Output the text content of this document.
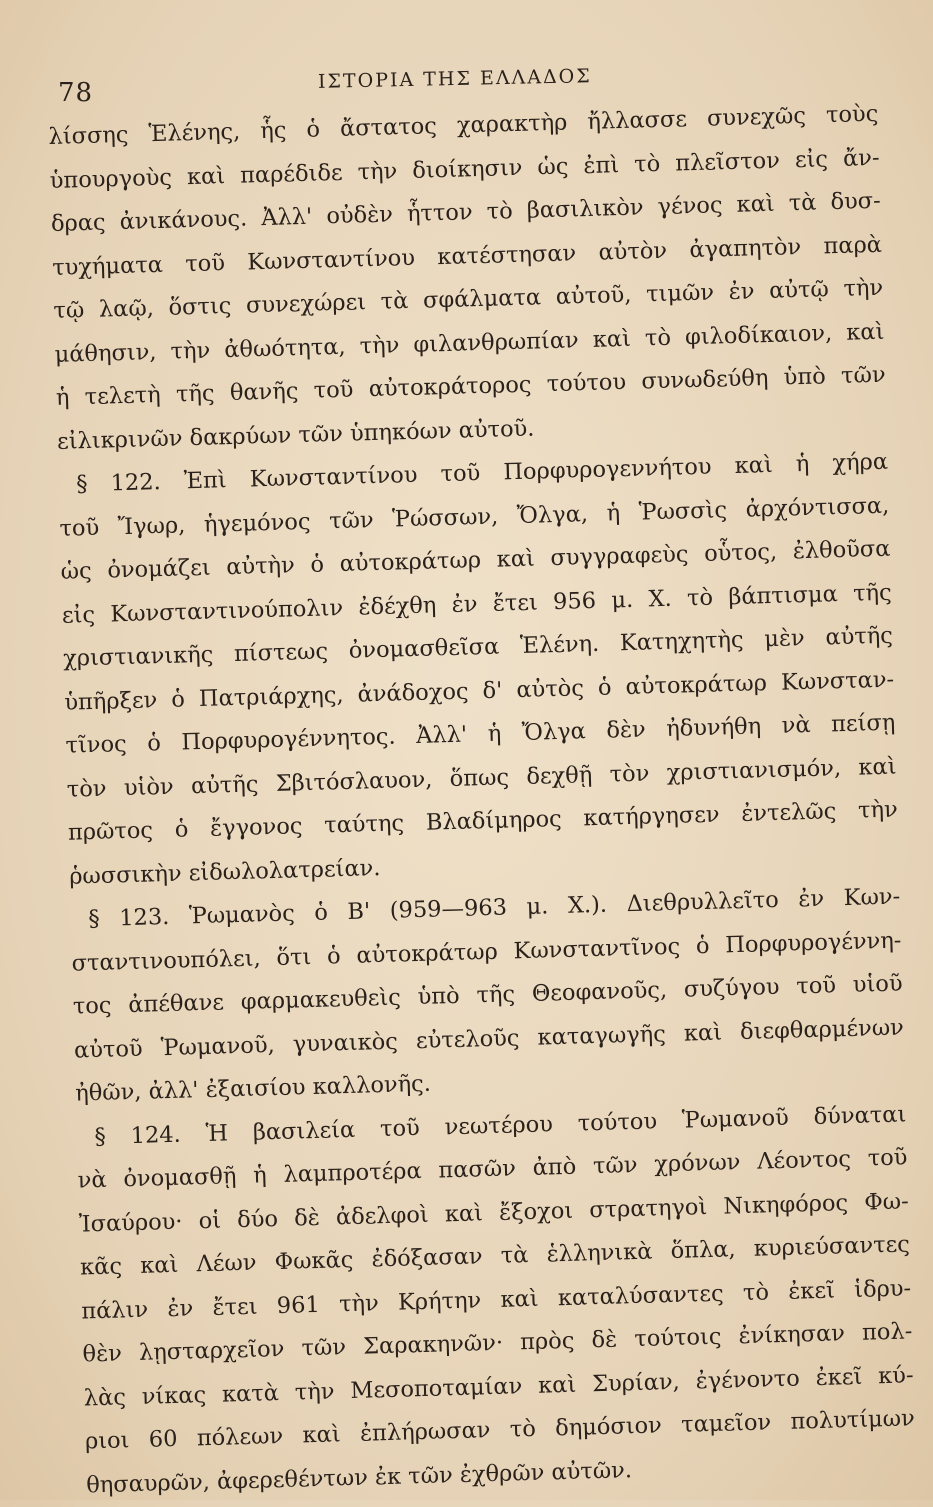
78	ΙΣΤΟΡΙΑ ΤΗΣ ΕΛΛΑΔΟΣ
λίσσης Ἑλένης, ἧς ὁ ἄστατος χαρακτὴρ ἤλλασσε συνεχῶς τοὺς
ὑπουργοὺς καὶ παρέδιδε τὴν διοίκησιν ὡς ἐπὶ τὸ πλεῖστον εἰς ἄν-
δρας ἀνικάνους. Ἀλλ' οὐδὲν ἧττον τὸ βασιλικὸν γένος καὶ τὰ δυσ-
τυχήματα τοῦ Κωνσταντίνου κατέστησαν αὐτὸν ἀγαπητὸν παρὰ
τῷ λαῷ, ὅστις συνεχώρει τὰ σφάλματα αὐτοῦ, τιμῶν ἐν αὐτῷ τὴν
μάθησιν, τὴν ἀθωότητα, τὴν φιλανθρωπίαν καὶ τὸ φιλοδίκαιον, καὶ
ἡ τελετὴ τῆς θανῆς τοῦ αὐτοκράτορος τούτου συνωδεύθη ὑπὸ τῶν
εἰλικρινῶν δακρύων τῶν ὑπηκόων αὐτοῦ.
§ 122. Ἐπὶ Κωνσταντίνου τοῦ Πορφυρογεννήτου καὶ ἡ χήρα
τοῦ Ἴγωρ, ἡγεμόνος τῶν Ῥώσσων, Ὄλγα, ἡ Ῥωσσὶς ἀρχόντισσα,
ὡς ὀνομάζει αὐτὴν ὁ αὐτοκράτωρ καὶ συγγραφεὺς οὗτος, ἐλθοῦσα
εἰς Κωνσταντινούπολιν ἐδέχθη ἐν ἔτει 956 μ. Χ. τὸ βάπτισμα τῆς
χριστιανικῆς πίστεως ὀνομασθεῖσα Ἑλένη. Κατηχητὴς μὲν αὐτῆς
ὑπῆρξεν ὁ Πατριάρχης, ἀνάδοχος δ' αὐτὸς ὁ αὐτοκράτωρ Κωνσταν-
τῖνος ὁ Πορφυρογέννητος. Ἀλλ' ἡ Ὄλγα δὲν ἠδυνήθη νὰ πείσῃ
τὸν υἱὸν αὐτῆς Σβιτόσλαυον, ὅπως δεχθῇ τὸν χριστιανισμόν, καὶ
πρῶτος ὁ ἔγγονος ταύτης Βλαδίμηρος κατήργησεν ἐντελῶς τὴν
ῥωσσικὴν εἰδωλολατρείαν.
§ 123. Ῥωμανὸς ὁ Β' (959—963 μ. Χ.). Διεθρυλλεῖτο ἐν Κων-
σταντινουπόλει, ὅτι ὁ αὐτοκράτωρ Κωνσταντῖνος ὁ Πορφυρογέννη-
τος ἀπέθανε φαρμακευθεὶς ὑπὸ τῆς Θεοφανοῦς, συζύγου τοῦ υἱοῦ
αὐτοῦ Ῥωμανοῦ, γυναικὸς εὐτελοῦς καταγωγῆς καὶ διεφθαρμένων
ἠθῶν, ἀλλ' ἐξαισίου καλλονῆς.
§ 124. Ἡ βασιλεία τοῦ νεωτέρου τούτου Ῥωμανοῦ δύναται
νὰ ὀνομασθῇ ἡ λαμπροτέρα πασῶν ἀπὸ τῶν χρόνων Λέοντος τοῦ
Ἰσαύρου· οἱ δύο δὲ ἀδελφοὶ καὶ ἔξοχοι στρατηγοὶ Νικηφόρος Φω-
κᾶς καὶ Λέων Φωκᾶς ἐδόξασαν τὰ ἑλληνικὰ ὅπλα, κυριεύσαντες
πάλιν ἐν ἔτει 961 τὴν Κρήτην καὶ καταλύσαντες τὸ ἐκεῖ ἱδρυ-
θὲν λῃσταρχεῖον τῶν Σαρακηνῶν· πρὸς δὲ τούτοις ἐνίκησαν πολ-
λὰς νίκας κατὰ τὴν Μεσοποταμίαν καὶ Συρίαν, ἐγένοντο ἐκεῖ κύ-
ριοι 60 πόλεων καὶ ἐπλήρωσαν τὸ δημόσιον ταμεῖον πολυτίμων
θησαυρῶν, ἀφερεθέντων ἐκ τῶν ἐχθρῶν αὐτῶν.
